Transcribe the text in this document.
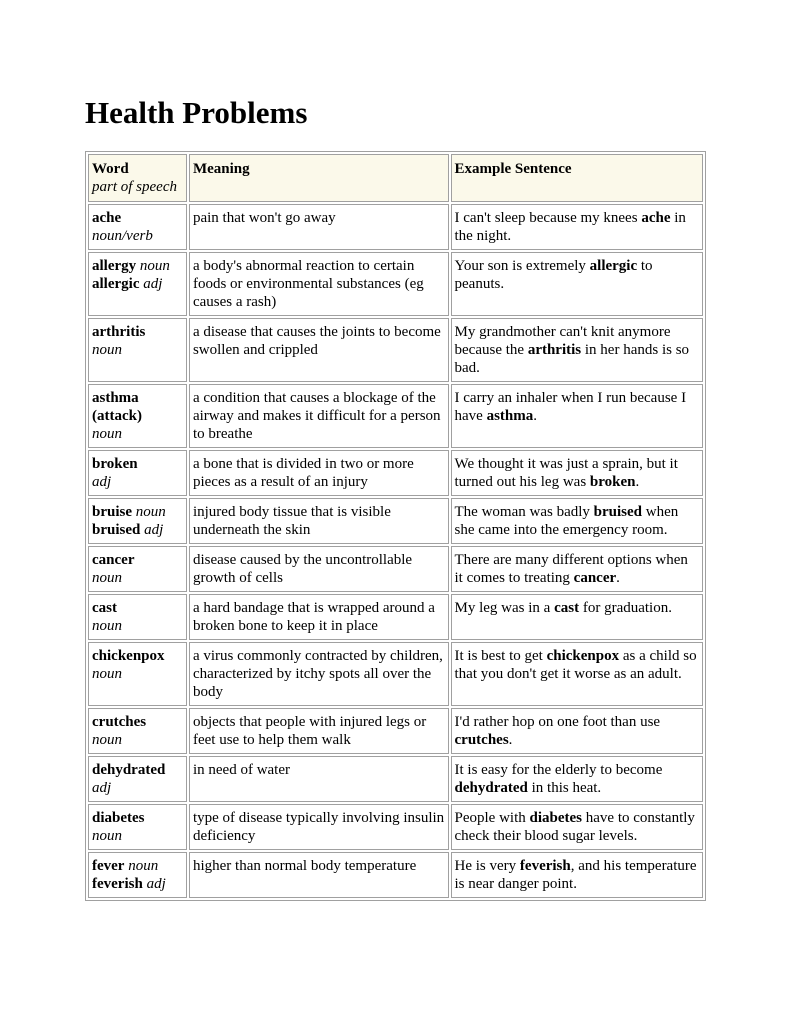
Health Problems
Word
part of speech	Meaning	Example Sentence

ache
noun/verb	pain that won't go away	I can't sleep because my knees ache in the night.

allergy noun
allergic adj	a body's abnormal reaction to certain foods or environmental substances (eg causes a rash)	Your son is extremely allergic to peanuts.

arthritis
noun	a disease that causes the joints to become swollen and crippled	My grandmother can't knit anymore because the arthritis in her hands is so bad.

asthma (attack)
noun	a condition that causes a blockage of the airway and makes it difficult for a person to breathe	I carry an inhaler when I run because I have asthma.

broken
adj	a bone that is divided in two or more pieces as a result of an injury	We thought it was just a sprain, but it turned out his leg was broken.

bruise noun
bruised adj	injured body tissue that is visible underneath the skin	The woman was badly bruised when she came into the emergency room.

cancer
noun	disease caused by the uncontrollable growth of cells	There are many different options when it comes to treating cancer.

cast
noun	a hard bandage that is wrapped around a broken bone to keep it in place	My leg was in a cast for graduation.

chickenpox
noun	a virus commonly contracted by children, characterized by itchy spots all over the body	It is best to get chickenpox as a child so that you don't get it worse as an adult.

crutches
noun	objects that people with injured legs or feet use to help them walk	I'd rather hop on one foot than use crutches.

dehydrated
adj	in need of water	It is easy for the elderly to become dehydrated in this heat.

diabetes
noun	type of disease typically involving insulin deficiency	People with diabetes have to constantly check their blood sugar levels.

fever noun
feverish adj	higher than normal body temperature	He is very feverish, and his temperature is near danger point.
